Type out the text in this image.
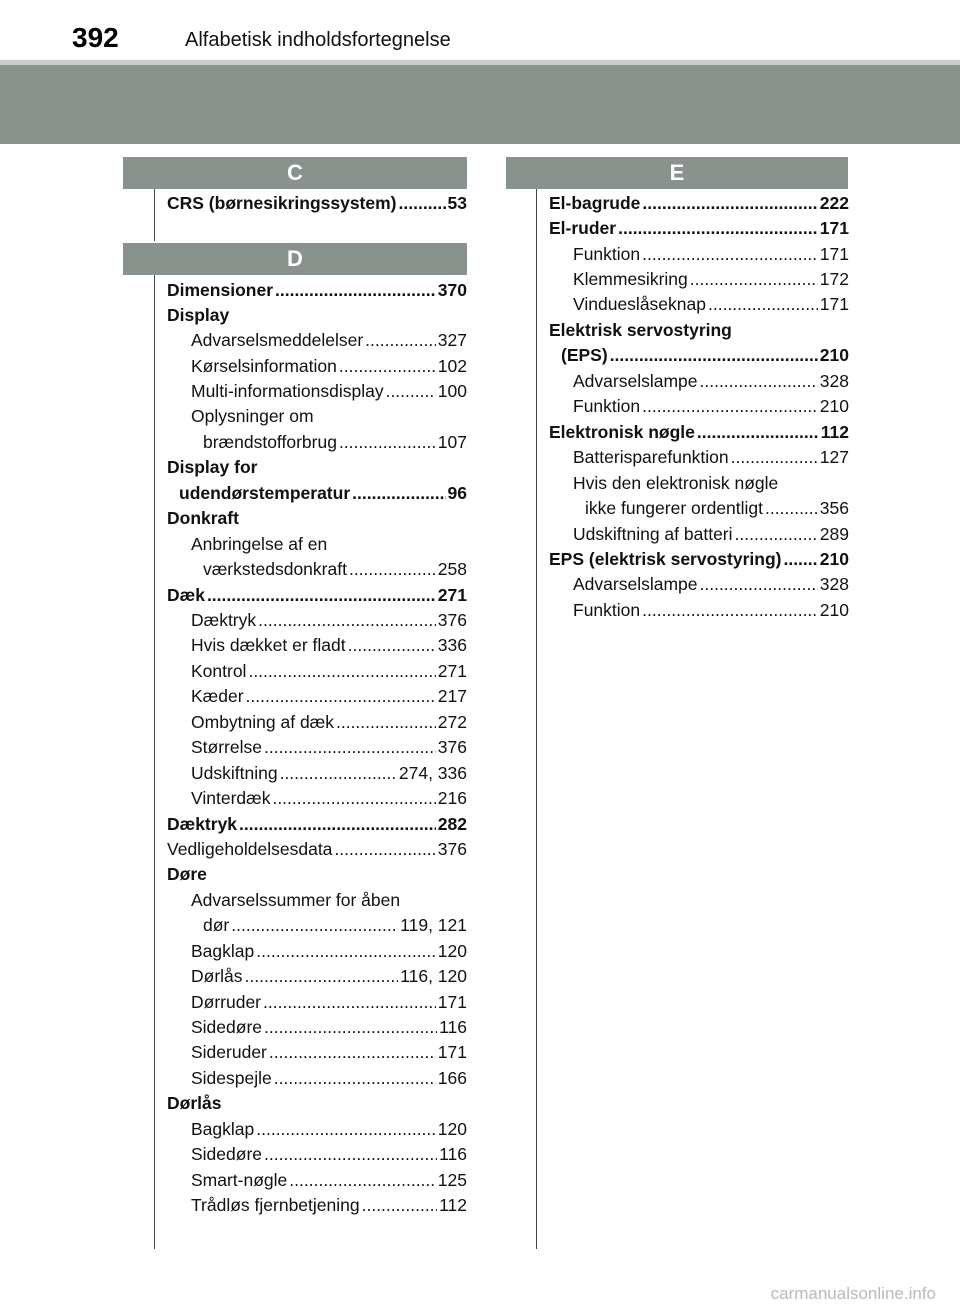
392	Alfabetisk indholdsfortegnelse
C
CRS (børnesikringssystem) .....	53
D
Dimensioner .....	370
Display
Advarselsmeddelelser .....	327
Kørselsinformation .....	102
Multi-informationsdisplay .....	100
Oplysninger om
brændstofforbrug .....	107
Display for
udendørstemperatur .....	96
Donkraft
Anbringelse af en
værkstedsdonkraft .....	258
Dæk .....	271
Dæktryk .....	376
Hvis dækket er fladt .....	336
Kontrol .....	271
Kæder .....	217
Ombytning af dæk .....	272
Størrelse .....	376
Udskiftning .....	274, 336
Vinterdæk .....	216
Dæktryk .....	282
Vedligeholdelsesdata .....	376
Døre
Advarselssummer for åben
dør .....	119, 121
Bagklap .....	120
Dørlås .....	116, 120
Dørruder .....	171
Sidedøre .....	116
Sideruder .....	171
Sidespejle .....	166
Dørlås
Bagklap .....	120
Sidedøre .....	116
Smart-nøgle .....	125
Trådløs fjernbetjening .....	112
E
El-bagrude .....	222
El-ruder .....	171
Funktion .....	171
Klemmesikring .....	172
Vindueslåseknap .....	171
Elektrisk servostyring
(EPS) .....	210
Advarselslampe .....	328
Funktion .....	210
Elektronisk nøgle .....	112
Batterisparefunktion .....	127
Hvis den elektronisk nøgle
ikke fungerer ordentligt .....	356
Udskiftning af batteri .....	289
EPS (elektrisk servostyring) ..... 210
Advarselslampe .....	328
Funktion .....	210
carmanualsonline.info
